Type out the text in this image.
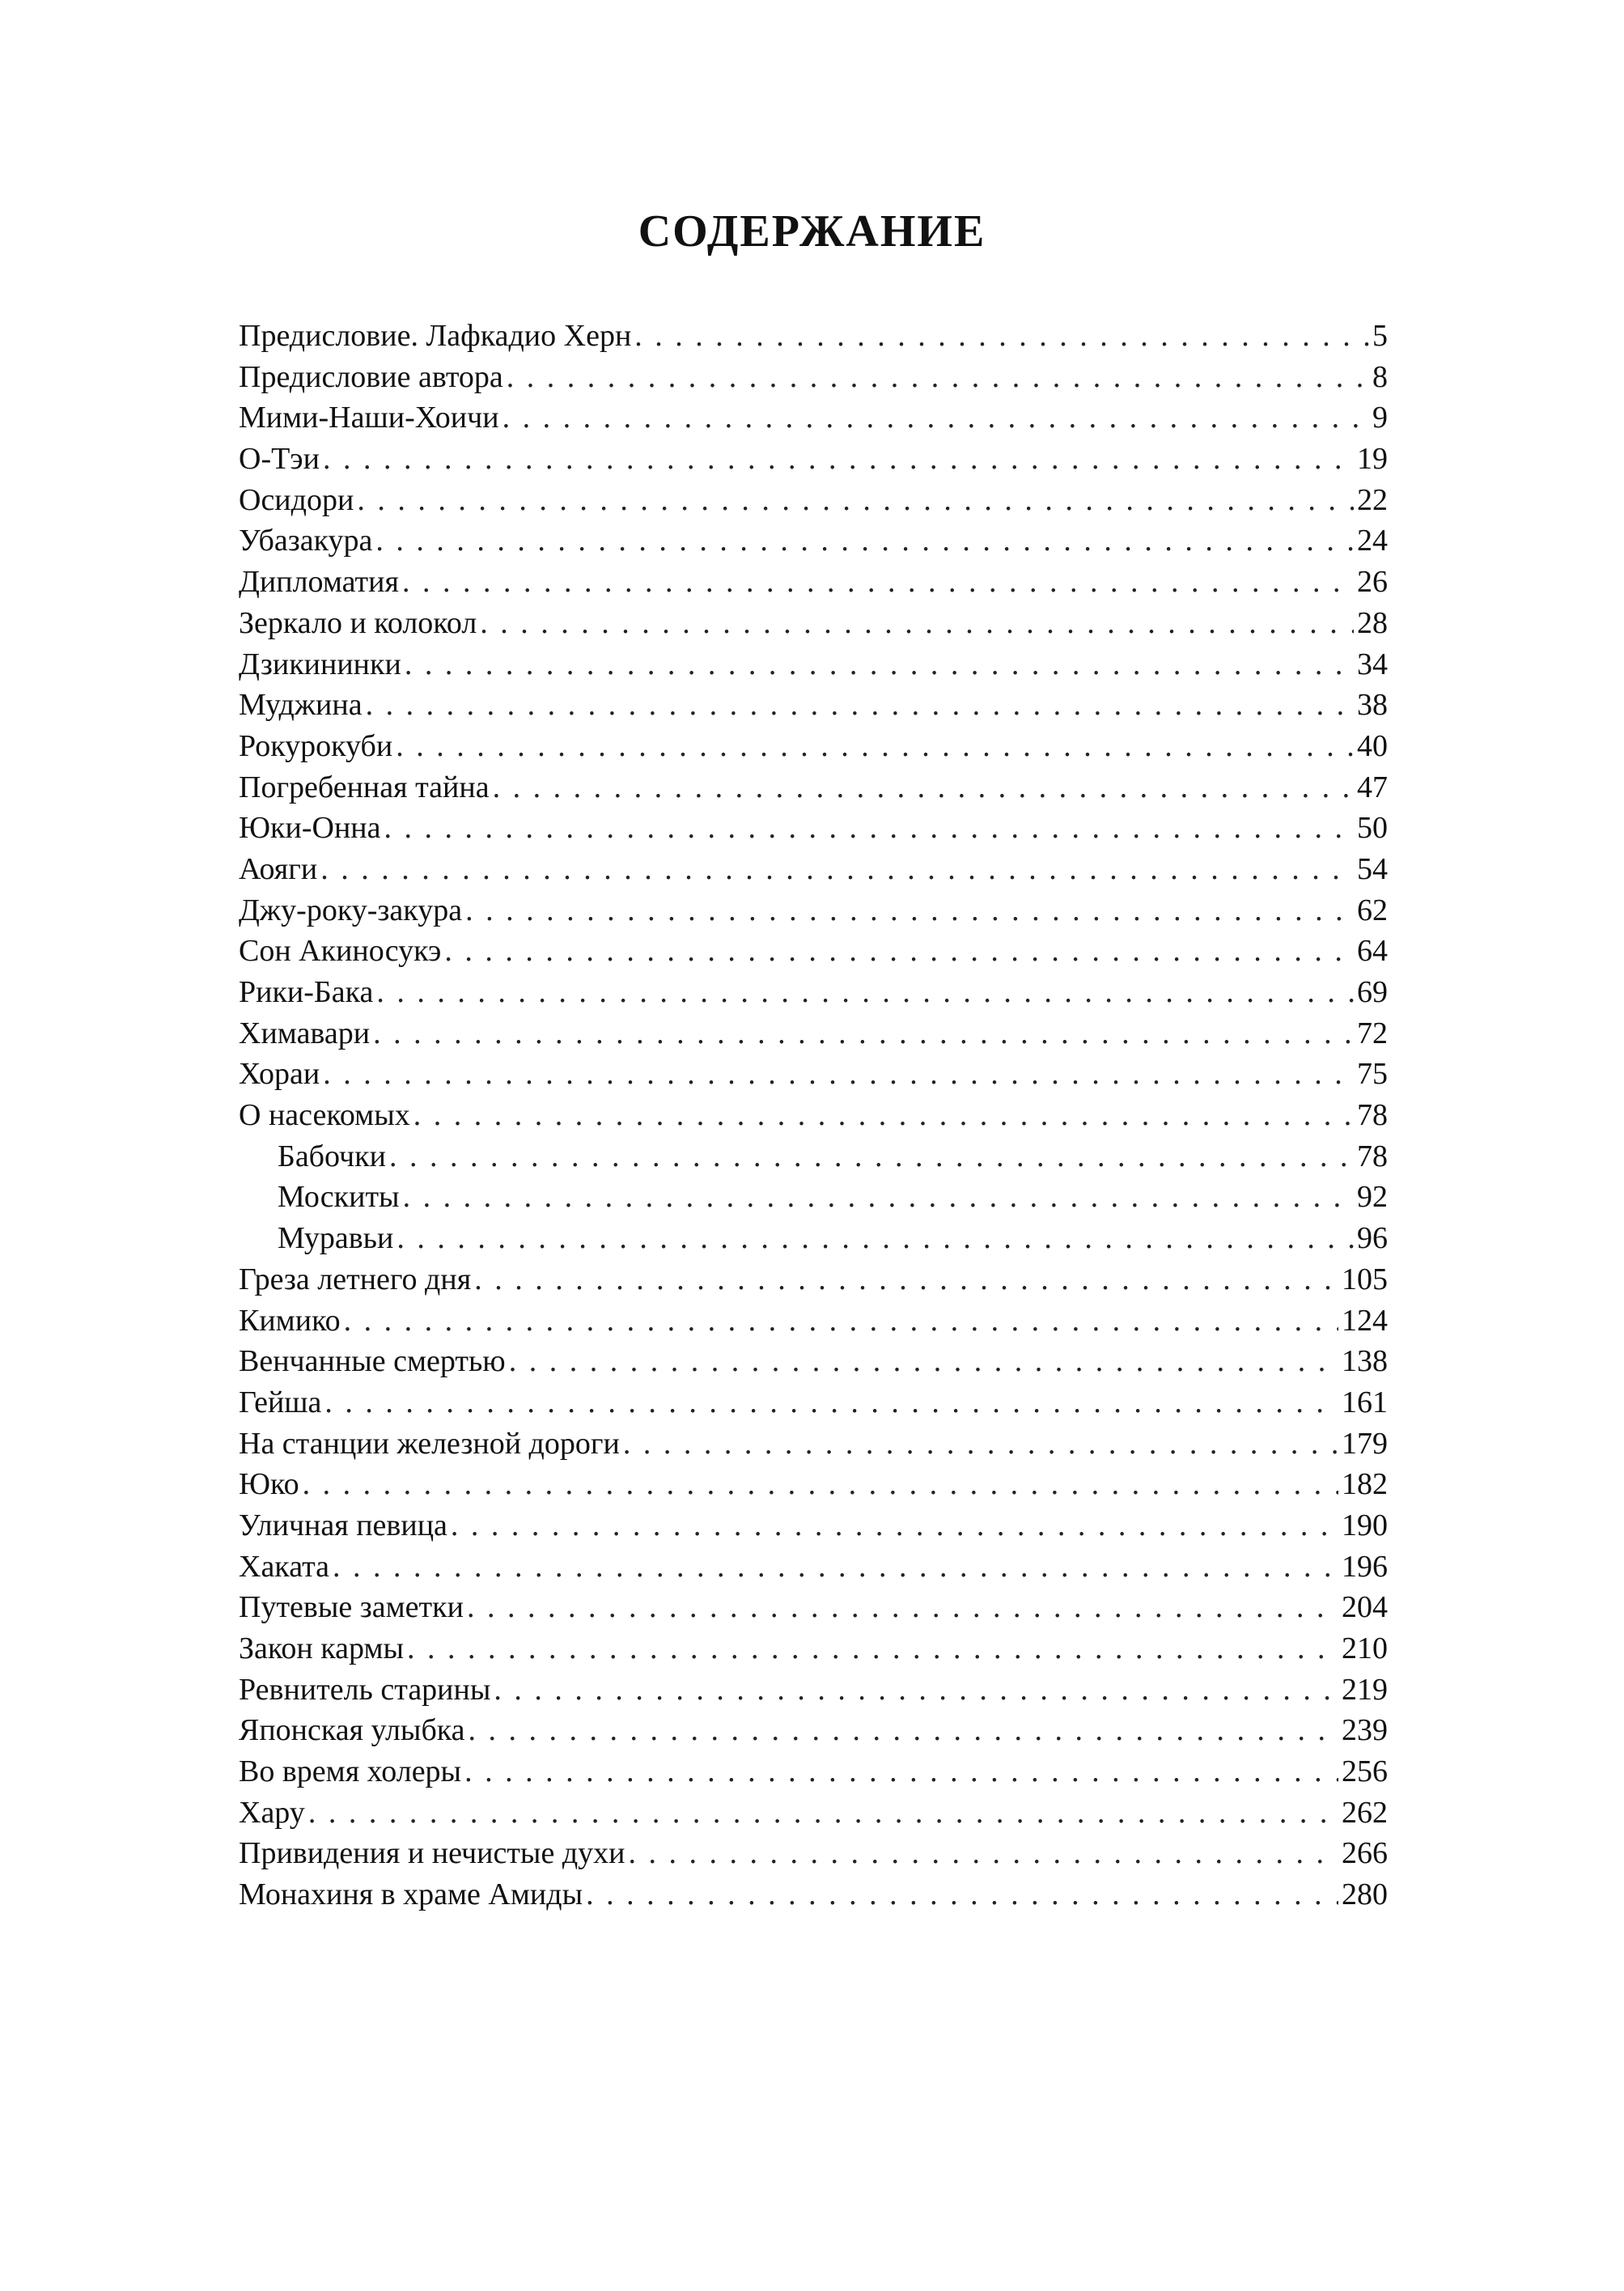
СОДЕРЖАНИЕ
Предисловие. Лафкадио Херн . . .	5
Предисловие автора . . .	8
Мими-Наши-Хоичи . . .	9
О-Тэи . . .	19
Осидори . . .	22
Убазакура . . .	24
Дипломатия . . .	26
Зеркало и колокол . . .	28
Дзикининки . . .	34
Муджина . . .	38
Рокурокуби . . .	40
Погребенная тайна . . .	47
Юки-Онна . . .	50
Аояги . . .	54
Джу-року-закура . . .	62
Сон Акиносукэ . . .	64
Рики-Бака . . .	69
Химавари . . .	72
Хораи . . .	75
О насекомых . . .	78
Бабочки . . .	78
Москиты . . .	92
Муравьи . . .	96
Греза летнего дня . . .	105
Кимико . . .	124
Венчанные смертью . . .	138
Гейша . . .	161
На станции железной дороги . . .	179
Юко . . .	182
Уличная певица . . .	190
Хаката . . .	196
Путевые заметки . . .	204
Закон кармы . . .	210
Ревнитель старины . . .	219
Японская улыбка . . .	239
Во время холеры . . .	256
Хару . . .	262
Привидения и нечистые духи . . .	266
Монахиня в храме Амиды . . .	280
